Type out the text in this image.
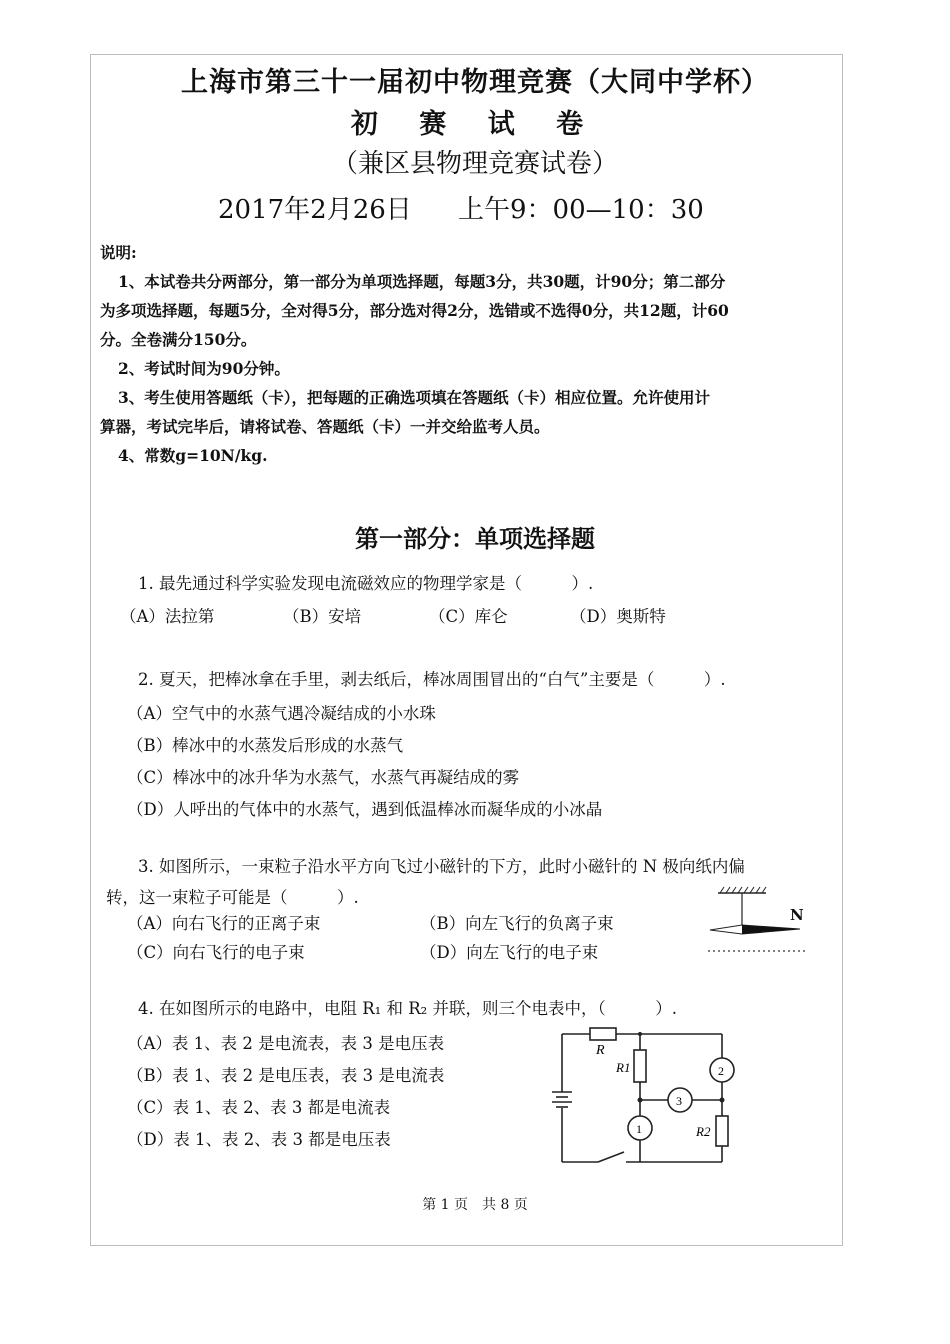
上海市第三十一届初中物理竞赛（大同中学杯）
初 赛 试 卷
（兼区县物理竞赛试卷）
2017年2月26日 上午9：00—10：30
说明:
1、本试卷共分两部分，第一部分为单项选择题，每题3分，共30题，计90分；第二部分
为多项选择题，每题5分，全对得5分，部分选对得2分，选错或不选得0分，共12题，计60
分。全卷满分150分。
2、考试时间为90分钟。
3、考生使用答题纸（卡），把每题的正确选项填在答题纸（卡）相应位置。允许使用计
算器，考试完毕后，请将试卷、答题纸（卡）一并交给监考人员。
4、常数g=10N/kg.
第一部分：单项选择题
1. 最先通过科学实验发现电流磁效应的物理学家是（　　　）.
（A）法拉第	（B）安培	（C）库仑	（D）奥斯特
2. 夏天，把棒冰拿在手里，剥去纸后，棒冰周围冒出的“白气”主要是（　　　）.
（A）空气中的水蒸气遇冷凝结成的小水珠
（B）棒冰中的水蒸发后形成的水蒸气
（C）棒冰中的冰升华为水蒸气，水蒸气再凝结成的雾
（D）人呼出的气体中的水蒸气，遇到低温棒冰而凝华成的小冰晶
3. 如图所示，一束粒子沿水平方向飞过小磁针的下方，此时小磁针的 N 极向纸内偏
转，这一束粒子可能是（　　　）.
（A）向右飞行的正离子束	（B）向左飞行的负离子束
（C）向右飞行的电子束	（D）向左飞行的电子束
N
4. 在如图所示的电路中，电阻 R₁ 和 R₂ 并联，则三个电表中，（　　　）.
（A）表 1、表 2 是电流表，表 3 是电压表
（B）表 1、表 2 是电压表，表 3 是电流表
（C）表 1、表 2、表 3 都是电流表
（D）表 1、表 2、表 3 都是电压表
R
R1
R2
1
2
3
第 1 页　共 8 页
